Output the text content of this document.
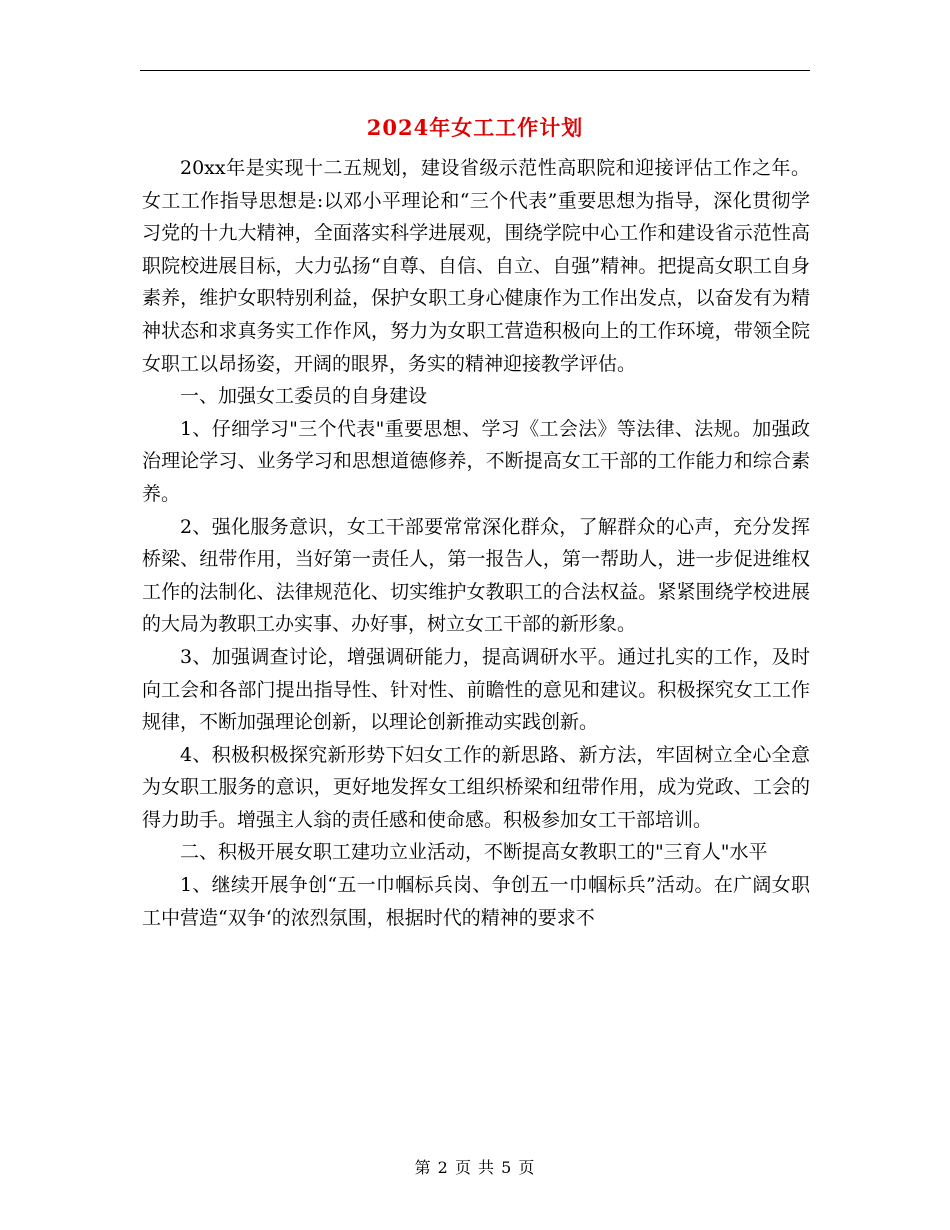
2024年女工工作计划

20xx年是实现十二五规划，建设省级示范性高职院和迎接评估工作之年。女工工作指导思想是:以邓小平理论和“三个代表”重要思想为指导，深化贯彻学习党的十九大精神，全面落实科学进展观，围绕学院中心工作和建设省示范性高职院校进展目标，大力弘扬“自尊、自信、自立、自强”精神。把提高女职工自身素养，维护女职特别利益，保护女职工身心健康作为工作出发点，以奋发有为精神状态和求真务实工作作风，努力为女职工营造积极向上的工作环境，带领全院女职工以昂扬姿，开阔的眼界，务实的精神迎接教学评估。

一、加强女工委员的自身建设

1、仔细学习"三个代表"重要思想、学习《工会法》等法律、法规。加强政治理论学习、业务学习和思想道德修养，不断提高女工干部的工作能力和综合素养。

2、强化服务意识，女工干部要常常深化群众，了解群众的心声，充分发挥桥梁、纽带作用，当好第一责任人，第一报告人，第一帮助人，进一步促进维权工作的法制化、法律规范化、切实维护女教职工的合法权益。紧紧围绕学校进展的大局为教职工办实事、办好事，树立女工干部的新形象。

3、加强调查讨论，增强调研能力，提高调研水平。通过扎实的工作，及时向工会和各部门提出指导性、针对性、前瞻性的意见和建议。积极探究女工工作规律，不断加强理论创新，以理论创新推动实践创新。

4、积极积极探究新形势下妇女工作的新思路、新方法，牢固树立全心全意为女职工服务的意识，更好地发挥女工组织桥梁和纽带作用，成为党政、工会的得力助手。增强主人翁的责任感和使命感。积极参加女工干部培训。

二、积极开展女职工建功立业活动，不断提高女教职工的"三育人"水平

1、继续开展争创“五一巾帼标兵岗、争创五一巾帼标兵”活动。在广阔女职工中营造“双争‘的浓烈氛围，根据时代的精神的要求不

第 2 页 共 5 页
